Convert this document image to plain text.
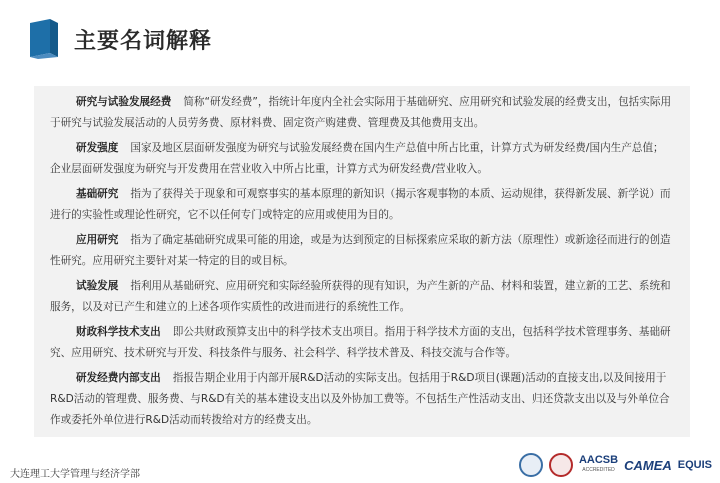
主要名词解释

研究与试验发展经费 简称“研发经费”，指统计年度内全社会实际用于基础研究、应用研究和试验发展的经费支出，包括实际用于研究与试验发展活动的人员劳务费、原材料费、固定资产购建费、管理费及其他费用支出。

研发强度 国家及地区层面研发强度为研究与试验发展经费在国内生产总值中所占比重，计算方式为研发经费/国内生产总值；企业层面研发强度为研究与开发费用在营业收入中所占比重，计算方式为研发经费/营业收入。

基础研究 指为了获得关于现象和可观察事实的基本原理的新知识（揭示客观事物的本质、运动规律，获得新发展、新学说）而进行的实验性或理论性研究，它不以任何专门或特定的应用或使用为目的。

应用研究 指为了确定基础研究成果可能的用途，或是为达到预定的目标探索应采取的新方法（原理性）或新途径而进行的创造性研究。应用研究主要针对某一特定的目的或目标。

试验发展 指利用从基础研究、应用研究和实际经验所获得的现有知识，为产生新的产品、材料和装置，建立新的工艺、系统和服务，以及对已产生和建立的上述各项作实质性的改进而进行的系统性工作。

财政科学技术支出 即公共财政预算支出中的科学技术支出项目。指用于科学技术方面的支出，包括科学技术管理事务、基础研究、应用研究、技术研究与开发、科技条件与服务、社会科学、科学技术普及、科技交流与合作等。

研发经费内部支出 指报告期企业用于内部开展R&D活动的实际支出。包括用于R&D项目(课题)活动的直接支出,以及间接用于R&D活动的管理费、服务费、与R&D有关的基本建设支出以及外协加工费等。不包括生产性活动支出、归还贷款支出以及与外单位合作或委托外单位进行R&D活动而转拨给对方的经费支出。

大连理工大学管理与经济学部
AACSB
ACCREDITED CAMEA EQUIS
